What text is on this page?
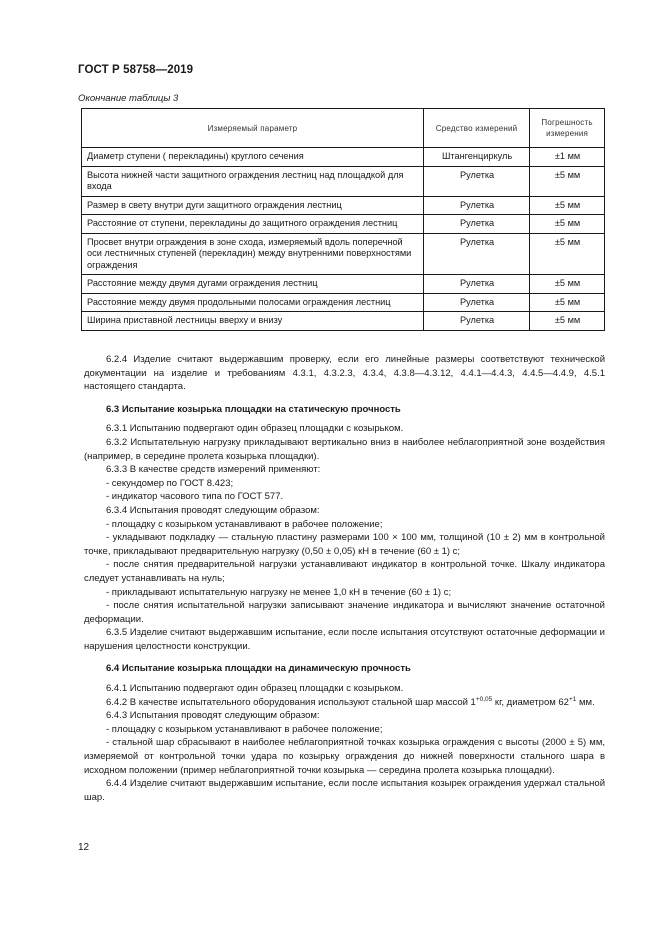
ГОСТ Р 58758—2019
Окончание таблицы 3
Измеряемый параметр	Средство измерений	Погрешность измерения
Диаметр ступени ( перекладины) круглого сечения	Штангенциркуль	±1 мм
Высота нижней части защитного ограждения лестниц над площадкой для входа	Рулетка	±5 мм
Размер в свету внутри дуги защитного ограждения лестниц	Рулетка	±5 мм
Расстояние от ступени, перекладины до защитного ограждения лестниц	Рулетка	±5 мм
Просвет внутри ограждения в зоне схода, измеряемый вдоль поперечной оси лестничных ступеней (перекладин) между внутренними поверхностями ограждения	Рулетка	±5 мм
Расстояние между двумя дугами ограждения лестниц	Рулетка	±5 мм
Расстояние между двумя продольными полосами ограждения лестниц	Рулетка	±5 мм
Ширина приставной лестницы вверху и внизу	Рулетка	±5 мм

6.2.4 Изделие считают выдержавшим проверку, если его линейные размеры соответствуют технической документации на изделие и требованиям 4.3.1, 4.3.2.3, 4.3.4, 4.3.8—4.3.12, 4.4.1—4.4.3, 4.4.5—4.4.9, 4.5.1 настоящего стандарта.

6.3 Испытание козырька площадки на статическую прочность

6.3.1 Испытанию подвергают один образец площадки с козырьком.

6.3.2 Испытательную нагрузку прикладывают вертикально вниз в наиболее неблагоприятной зоне воздействия (например, в середине пролета козырька площадки).

6.3.3 В качестве средств измерений применяют:

- секундомер по ГОСТ 8.423;

- индикатор часового типа по ГОСТ 577.

6.3.4 Испытания проводят следующим образом:

- площадку с козырьком устанавливают в рабочее положение;

- укладывают подкладку — стальную пластину размерами 100 × 100 мм, толщиной (10 ± 2) мм в контрольной точке, прикладывают предварительную нагрузку (0,50 ± 0,05) кН в течение (60 ± 1) с;

- после снятия предварительной нагрузки устанавливают индикатор в контрольной точке. Шкалу индикатора следует устанавливать на нуль;

- прикладывают испытательную нагрузку не менее 1,0 кН в течение (60 ± 1) с;

- после снятия испытательной нагрузки записывают значение индикатора и вычисляют значение остаточной деформации.

6.3.5 Изделие считают выдержавшим испытание, если после испытания отсутствуют остаточные деформации и нарушения целостности конструкции.

6.4 Испытание козырька площадки на динамическую прочность

6.4.1 Испытанию подвергают один образец площадки с козырьком.

6.4.2 В качестве испытательного оборудования используют стальной шар массой $1^{+0,05}$ кг, диаметром $62^{+1}$ мм.

6.4.3 Испытания проводят следующим образом:

- площадку с козырьком устанавливают в рабочее положение;

- стальной шар сбрасывают в наиболее неблагоприятной точках козырька ограждения с высоты (2000 ± 5) мм, измеряемой от контрольной точки удара по козырьку ограждения до нижней поверхности стального шара в исходном положении (пример неблагоприятной точки козырька — середина пролета козырька площадки).

6.4.4 Изделие считают выдержавшим испытание, если после испытания козырек ограждения удержал стальной шар.

12
